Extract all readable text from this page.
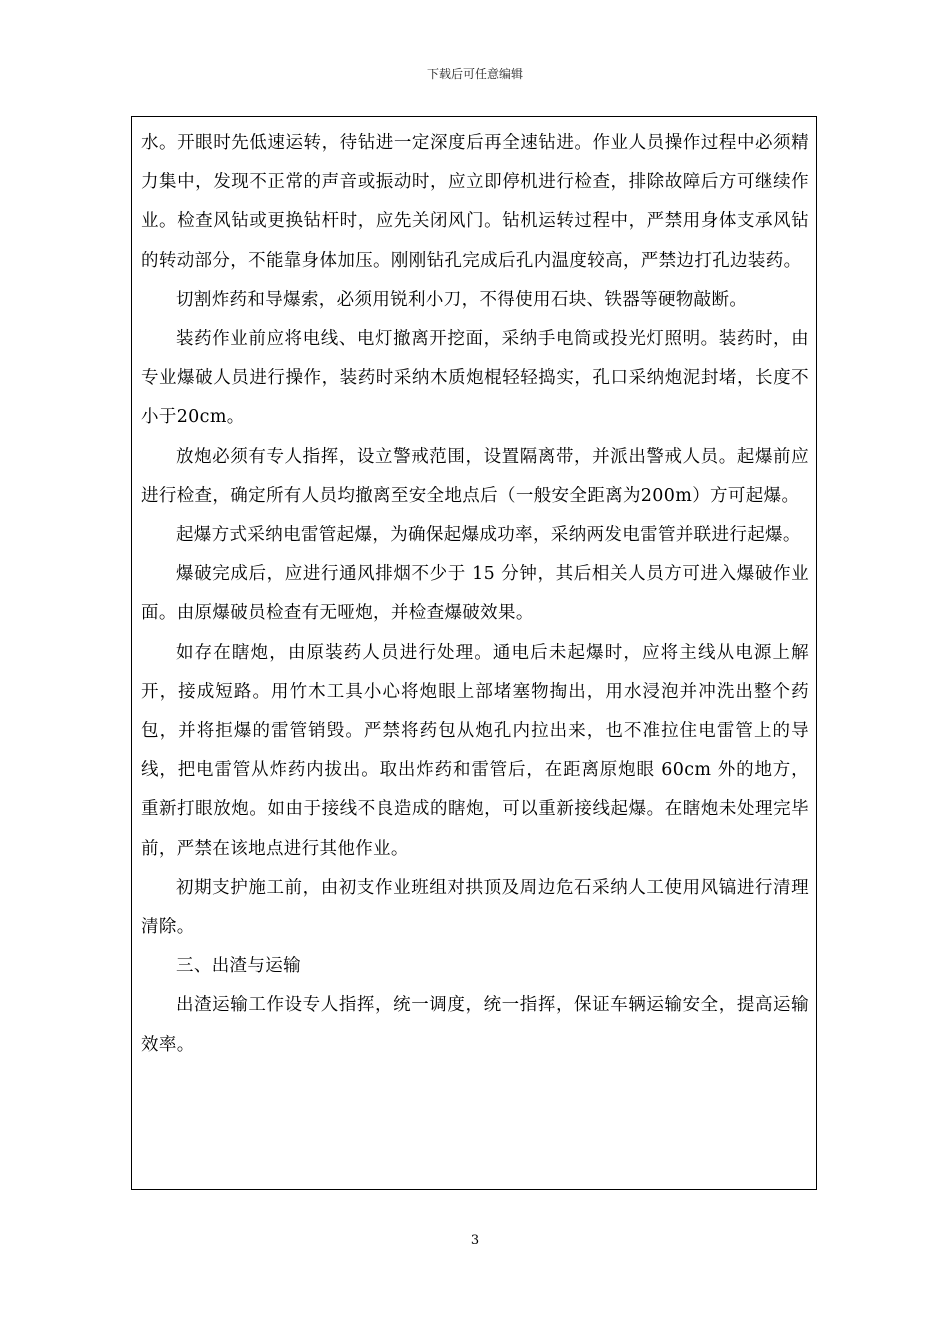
下载后可任意编辑

水。开眼时先低速运转，待钻进一定深度后再全速钻进。作业人员操作过程中必须精力集中，发现不正常的声音或振动时，应立即停机进行检查，排除故障后方可继续作业。检查风钻或更换钻杆时，应先关闭风门。钻机运转过程中，严禁用身体支承风钻的转动部分，不能靠身体加压。刚刚钻孔完成后孔内温度较高，严禁边打孔边装药。

切割炸药和导爆索，必须用锐利小刀，不得使用石块、铁器等硬物敲断。

装药作业前应将电线、电灯撤离开挖面，采纳手电筒或投光灯照明。装药时，由专业爆破人员进行操作，装药时采纳木质炮棍轻轻捣实，孔口采纳炮泥封堵，长度不小于20cm。

放炮必须有专人指挥，设立警戒范围，设置隔离带，并派出警戒人员。起爆前应进行检查，确定所有人员均撤离至安全地点后（一般安全距离为200m）方可起爆。

起爆方式采纳电雷管起爆，为确保起爆成功率，采纳两发电雷管并联进行起爆。

爆破完成后，应进行通风排烟不少于 15 分钟，其后相关人员方可进入爆破作业面。由原爆破员检查有无哑炮，并检查爆破效果。

如存在瞎炮，由原装药人员进行处理。通电后未起爆时，应将主线从电源上解开，接成短路。用竹木工具小心将炮眼上部堵塞物掏出，用水浸泡并冲洗出整个药包，并将拒爆的雷管销毁。严禁将药包从炮孔内拉出来，也不准拉住电雷管上的导线，把电雷管从炸药内拔出。取出炸药和雷管后，在距离原炮眼 60cm 外的地方，重新打眼放炮。如由于接线不良造成的瞎炮，可以重新接线起爆。在瞎炮未处理完毕前，严禁在该地点进行其他作业。

初期支护施工前，由初支作业班组对拱顶及周边危石采纳人工使用风镐进行清理清除。

三、出渣与运输

出渣运输工作设专人指挥，统一调度，统一指挥，保证车辆运输安全，提高运输效率。

3
